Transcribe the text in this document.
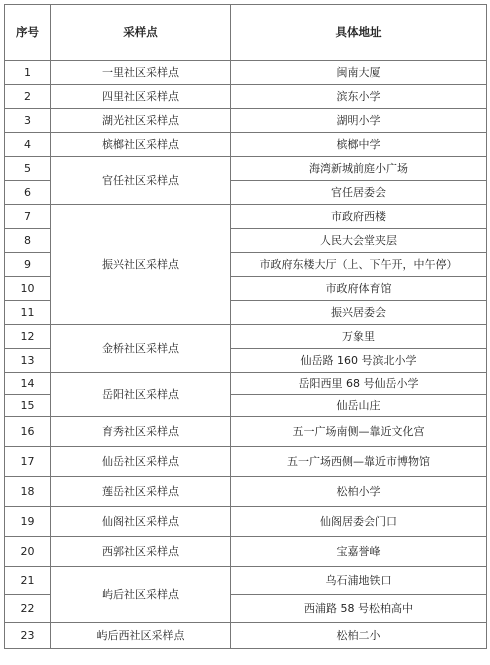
序号	采样点	具体地址
1	一里社区采样点	闽南大厦
2	四里社区采样点	滨东小学
3	湖光社区采样点	湖明小学
4	槟榔社区采样点	槟榔中学
5	官任社区采样点	海湾新城前庭小广场
6		官任居委会
7	振兴社区采样点	市政府西楼
8		人民大会堂夹层
9		市政府东楼大厅（上、下午开，中午停）
10		市政府体育馆
11		振兴居委会
12	金桥社区采样点	万象里
13		仙岳路 160 号滨北小学
14	岳阳社区采样点	岳阳西里 68 号仙岳小学
15		仙岳山庄
16	育秀社区采样点	五一广场南侧—靠近文化宫
17	仙岳社区采样点	五一广场西侧—靠近市博物馆
18	莲岳社区采样点	松柏小学
19	仙阁社区采样点	仙阁居委会门口
20	西郭社区采样点	宝嘉誉峰
21	屿后社区采样点	乌石浦地铁口
22		西浦路 58 号松柏高中
23	屿后西社区采样点	松柏二小
